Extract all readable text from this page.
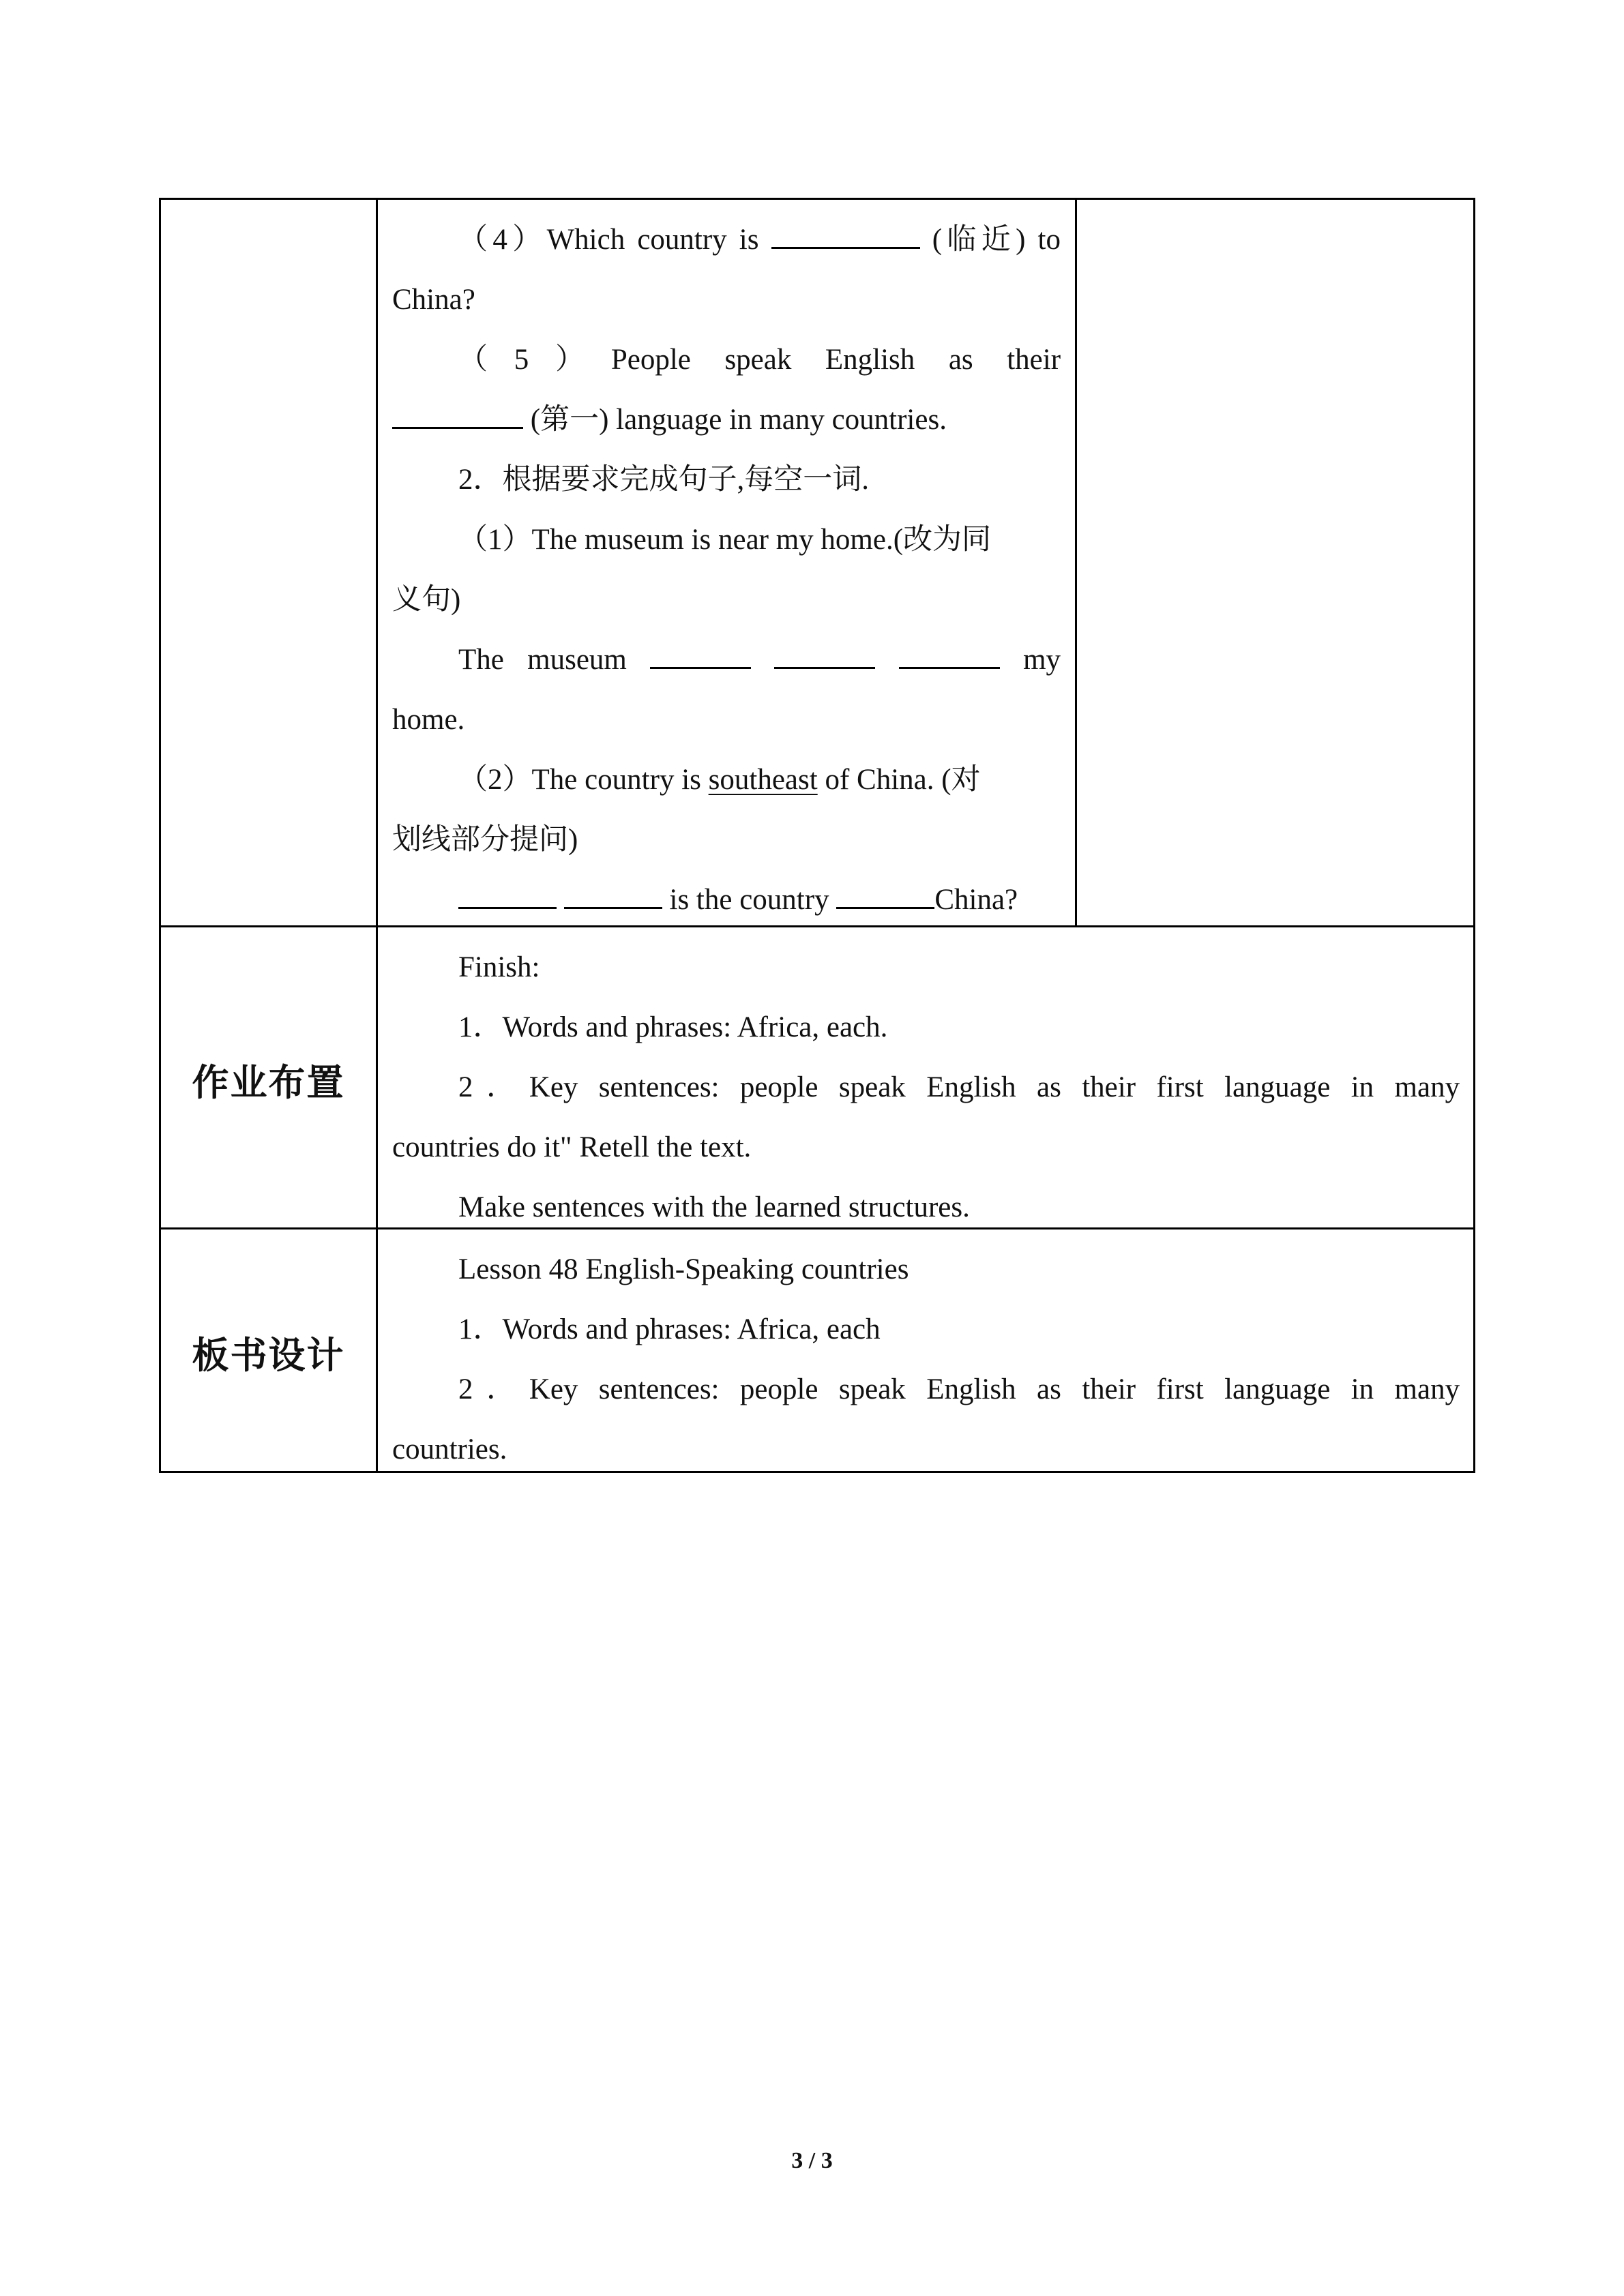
（4）Which country is	(临近) to
China?
（5）People speak English as their
(第一) language in many countries.
2．根据要求完成句子,每空一词.
（1）The museum is near my home.(改为同
义句)
The museum	my
home.
（2）The country is southeast of China. (对
划线部分提问)
is the country	China?
作业布置
Finish:
1．Words and phrases: Africa, each.
2．Key sentences: people speak English as their first language in many
countries do it" Retell the text.
Make sentences with the learned structures.
板书设计
Lesson 48 English-Speaking countries
1．Words and phrases: Africa, each
2．Key sentences: people speak English as their first language in many
countries.
3 / 3
